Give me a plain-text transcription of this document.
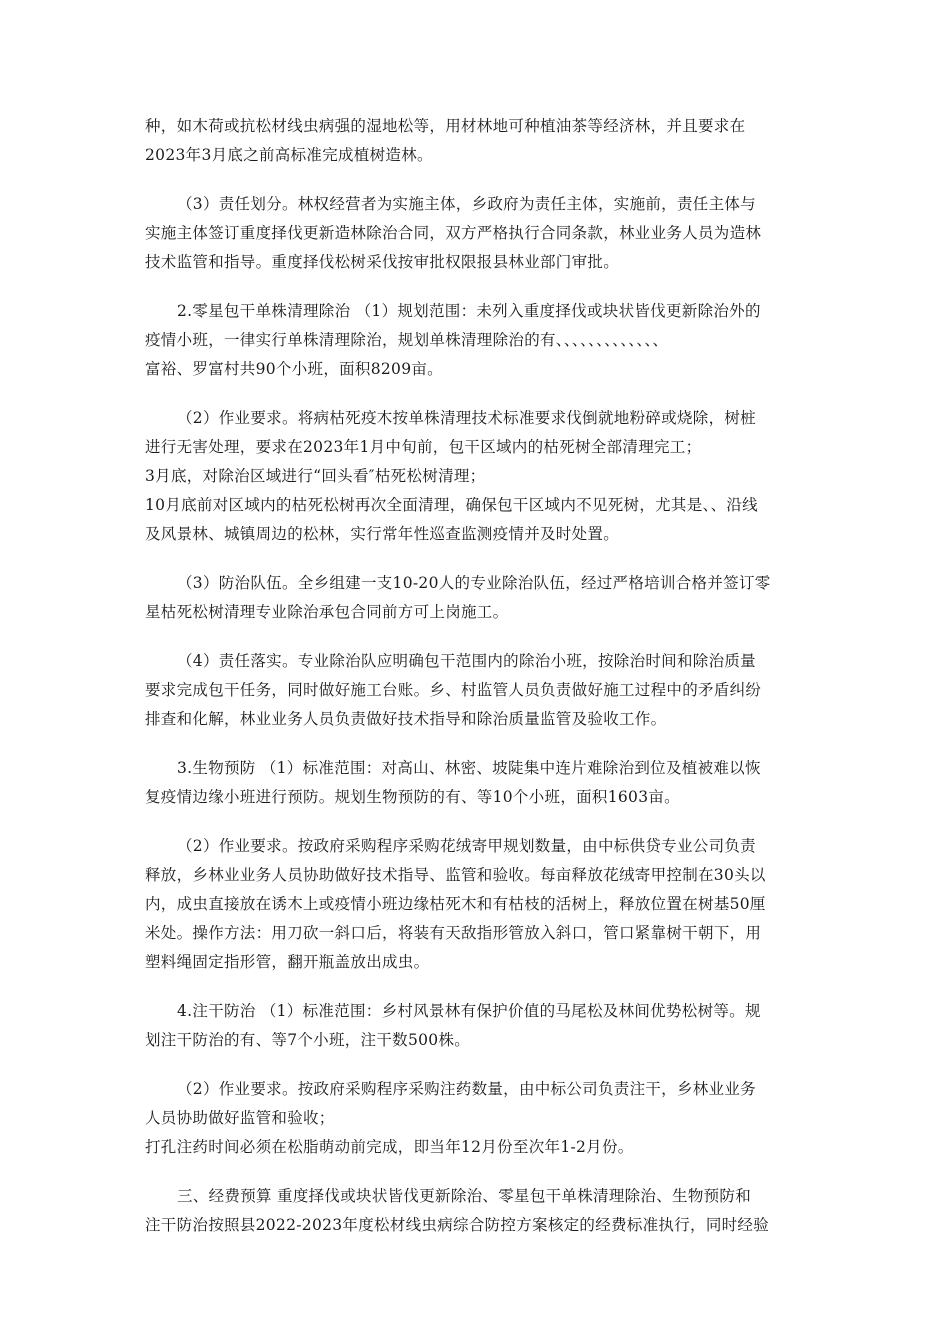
种，如木荷或抗松材线虫病强的湿地松等，用材林地可种植油茶等经济林，并且要求在
2023年3月底之前高标准完成植树造林。
（3）责任划分。林权经营者为实施主体，乡政府为责任主体，实施前，责任主体与
实施主体签订重度择伐更新造林除治合同，双方严格执行合同条款，林业业务人员为造林
技术监管和指导。重度择伐松树采伐按审批权限报县林业部门审批。
2.零星包干单株清理除治 （1）规划范围：未列入重度择伐或块状皆伐更新除治外的
疫情小班，一律实行单株清理除治，规划单株清理除治的有、、、、、、、、、、、、、
富裕、罗富村共90个小班，面积8209亩。
（2）作业要求。将病枯死疫木按单株清理技术标准要求伐倒就地粉碎或烧除，树桩
进行无害处理，要求在2023年1月中旬前，包干区域内的枯死树全部清理完工；
3月底，对除治区域进行“回头看″枯死松树清理；
10月底前对区域内的枯死松树再次全面清理，确保包干区域内不见死树，尤其是、、沿线
及风景林、城镇周边的松林，实行常年性巡查监测疫情并及时处置。
（3）防治队伍。全乡组建一支10-20人的专业除治队伍，经过严格培训合格并签订零
星枯死松树清理专业除治承包合同前方可上岗施工。
（4）责任落实。专业除治队应明确包干范围内的除治小班，按除治时间和除治质量
要求完成包干任务，同时做好施工台账。乡、村监管人员负责做好施工过程中的矛盾纠纷
排查和化解，林业业务人员负责做好技术指导和除治质量监管及验收工作。
3.生物预防 （1）标准范围：对高山、林密、坡陡集中连片难除治到位及植被难以恢
复疫情边缘小班进行预防。规划生物预防的有、等10个小班，面积1603亩。
（2）作业要求。按政府采购程序采购花绒寄甲规划数量，由中标供贷专业公司负责
释放，乡林业业务人员协助做好技术指导、监管和验收。每亩释放花绒寄甲控制在30头以
内，成虫直接放在诱木上或疫情小班边缘枯死木和有枯枝的活树上，释放位置在树基50厘
米处。操作方法：用刀砍一斜口后，将装有天敌指形管放入斜口，管口紧靠树干朝下，用
塑料绳固定指形管，翻开瓶盖放出成虫。
4.注干防治 （1）标准范围：乡村风景林有保护价值的马尾松及林间优势松树等。规
划注干防治的有、等7个小班，注干数500株。
（2）作业要求。按政府采购程序采购注药数量，由中标公司负责注干，乡林业业务
人员协助做好监管和验收；
打孔注药时间必须在松脂萌动前完成，即当年12月份至次年1-2月份。
三、经费预算 重度择伐或块状皆伐更新除治、零星包干单株清理除治、生物预防和
注干防治按照县2022-2023年度松材线虫病综合防控方案核定的经费标准执行，同时经验
